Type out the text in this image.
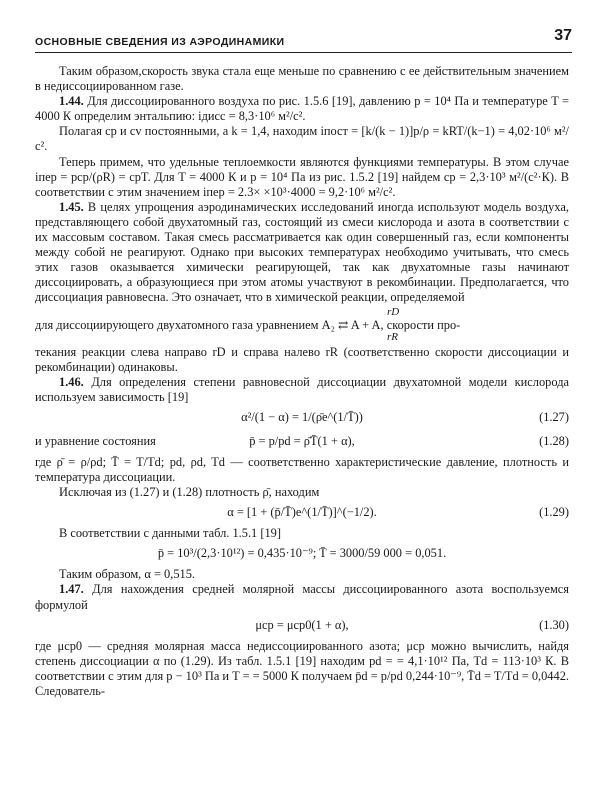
ОСНОВНЫЕ СВЕДЕНИЯ ИЗ АЭРОДИНАМИКИ	37

Таким образом,скорость звука стала еще меньше по сравнению с ее действительным значением в недиссоциированном газе.

1.44. Для диссоциированного воздуха по рис. 1.5.6 [19], давлению p = 10⁴ Па и температуре T = 4000 К определим энтальпию: iдисс = 8,3·10⁶ м²/с².

Полагая cp и cv постоянными, а k = 1,4, находим iпост = [k/(k − 1)]p/ρ = kRT/(k−1) = 4,02·10⁶ м²/с².

Теперь примем, что удельные теплоемкости являются функциями температуры. В этом случае iпер = pcp/(ρR) = cpT. Для T = 4000 К и p = 10⁴ Па из рис. 1.5.2 [19] найдем cp = 2,3·10³ м²/(с²·К). В соответствии с этим значением iпер = 2.3× ×10³·4000 = 9,2·10⁶ м²/с².

1.45. В целях упрощения аэродинамических исследований иногда используют модель воздуха, представляющего собой двухатомный газ, состоящий из смеси кислорода и азота в соответствии с их массовым составом. Такая смесь рассматривается как один совершенный газ, если компоненты между собой не реагируют. Однако при высоких температурах необходимо учитывать, что смесь этих газов оказывается химически реагирующей, так как двухатомные газы начинают диссоциировать, а образующиеся при этом атомы участвуют в рекомбинации. Предполагается, что диссоциация равновесна. Это означает, что в химической реакции, определяемой

rD

для диссоциирующего двухатомного газа уравнением A₂ ⇄ A + A, скорости про-

rR

текания реакции слева направо rD и справа налево rR (соответственно скорости диссоциации и рекомбинации) одинаковы.

1.46. Для определения степени равновесной диссоциации двухатомной модели кислорода используем зависимость [19]

α²/(1 − α) = 1/(ρ̄e^(1/T̄))	(1.27)
и уравнение состояния	p̄ = p/pd = ρ̄T̄(1 + α),	(1.28)

где ρ̄ = ρ/ρd; T̄ = T/Td; pd, ρd, Td — соответственно характеристические давление, плотность и температура диссоциации.

Исключая из (1.27) и (1.28) плотность ρ̄, находим

α = [1 + (p̄/T̄)e^(1/T̄)]^(−1/2).	(1.29)

В соответствии с данными табл. 1.5.1 [19]

p̄ = 10³/(2,3·10¹²) = 0,435·10⁻⁹; T̄ = 3000/59 000 = 0,051.

Таким образом, α = 0,515.

1.47. Для нахождения средней молярной массы диссоциированного азота воспользуемся формулой

μср = μср0(1 + α),	(1.30)

где μср0 — средняя молярная масса недиссоциированного азота; μср можно вычислить, найдя степень диссоциации α по (1.29). Из табл. 1.5.1 [19] находим pd = = 4,1·10¹² Па, Td = 113·10³ К. В соответствии с этим для p − 10³ Па и T = = 5000 К получаем p̄d = p/pd 0,244·10⁻⁹, T̄d = T/Td = 0,0442. Следователь-
